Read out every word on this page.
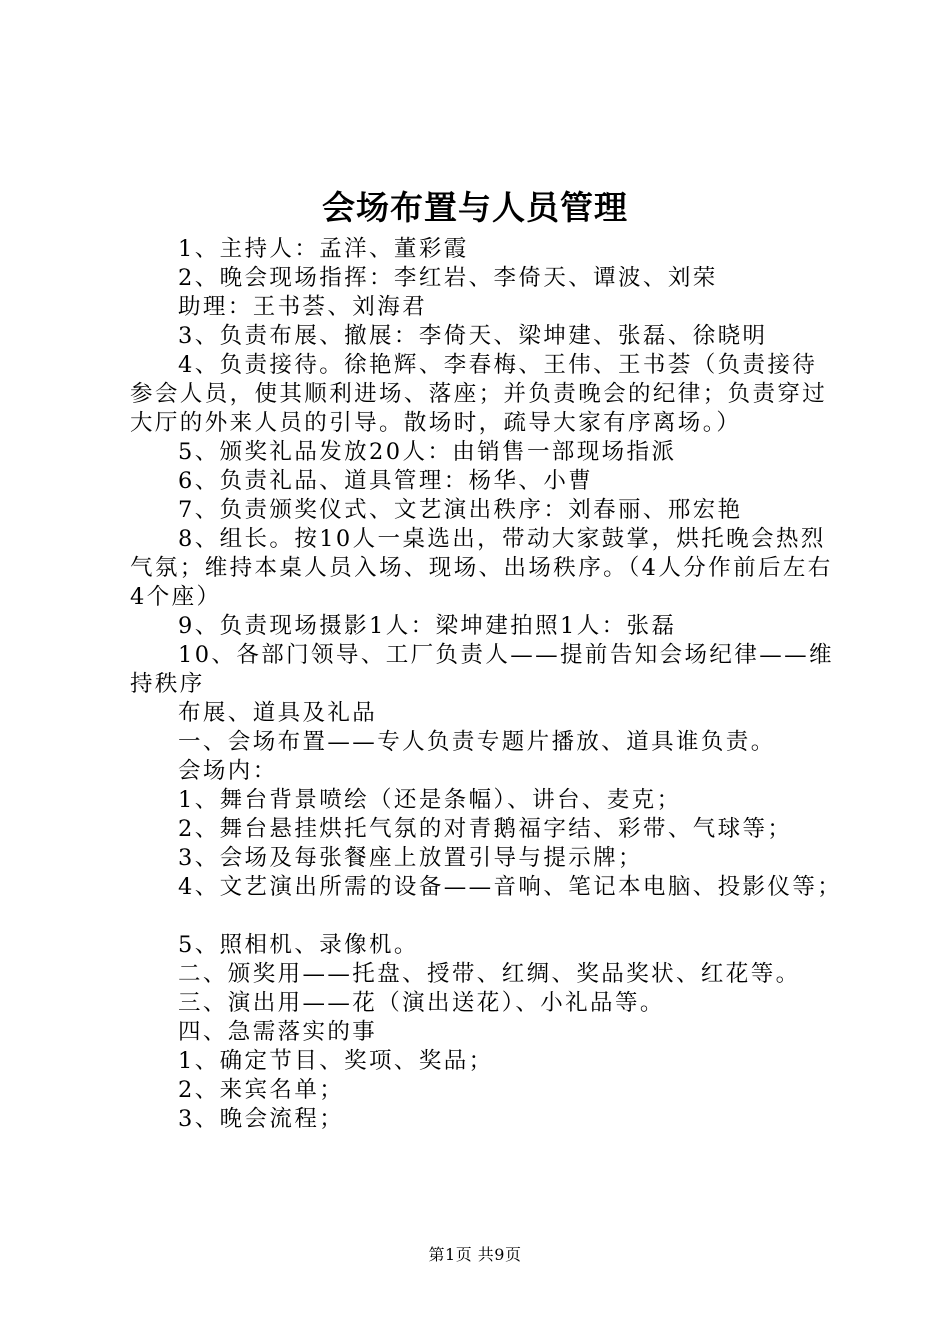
会场布置与人员管理

1、主持人：孟洋、董彩霞

2、晚会现场指挥：李红岩、李倚天、谭波、刘荣

助理：王书荟、刘海君

3、负责布展、撤展：李倚天、梁坤建、张磊、徐晓明

4、负责接待。徐艳辉、李春梅、王伟、王书荟（负责接待参会人员，使其顺利进场、落座；并负责晚会的纪律；负责穿过大厅的外来人员的引导。散场时，疏导大家有序离场。）

5、颁奖礼品发放20人：由销售一部现场指派

6、负责礼品、道具管理：杨华、小曹

7、负责颁奖仪式、文艺演出秩序：刘春丽、邢宏艳

8、组长。按10人一桌选出，带动大家鼓掌，烘托晚会热烈气氛；维持本桌人员入场、现场、出场秩序。（4人分作前后左右4个座）

9、负责现场摄影1人：梁坤建拍照1人：张磊

10、各部门领导、工厂负责人——提前告知会场纪律——维持秩序

布展、道具及礼品

一、会场布置——专人负责专题片播放、道具谁负责。

会场内：

1、舞台背景喷绘（还是条幅）、讲台、麦克；

2、舞台悬挂烘托气氛的对青鹅福字结、彩带、气球等；

3、会场及每张餐座上放置引导与提示牌；

4、文艺演出所需的设备——音响、笔记本电脑、投影仪等；

5、照相机、录像机。

二、颁奖用——托盘、授带、红绸、奖品奖状、红花等。

三、演出用——花（演出送花）、小礼品等。

四、急需落实的事

1、确定节目、奖项、奖品；

2、来宾名单；

3、晚会流程；

第1页 共9页
